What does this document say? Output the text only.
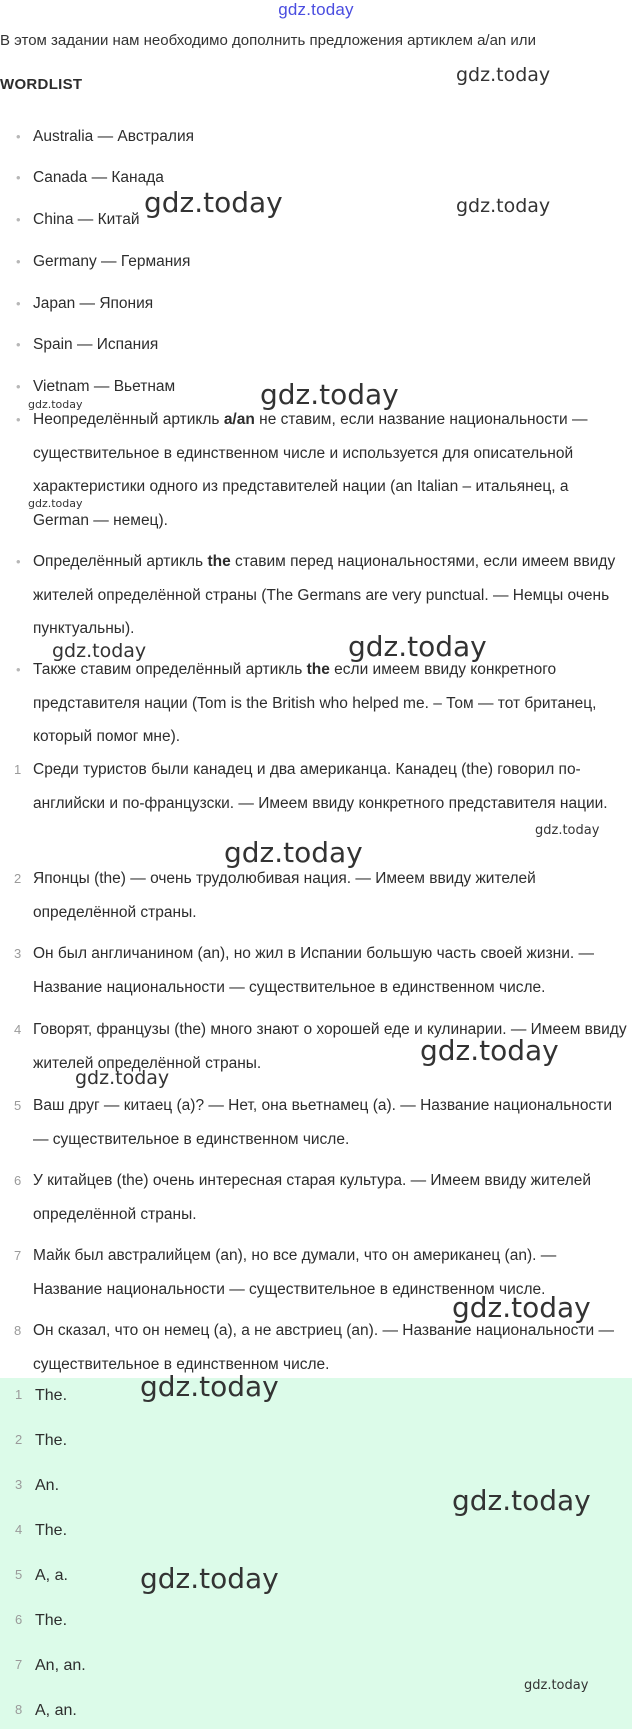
gdz.today
В этом задании нам необходимо дополнить предложения артиклем a/an или
WORDLIST
• Australia — Австралия
• Canada — Канада
• China — Китай
• Germany — Германия
• Japan — Япония
• Spain — Испания
• Vietnam — Вьетнам
• Неопределённый артикль a/an не ставим, если название национальности — существительное в единственном числе и используется для описательной характеристики одного из представителей нации (an Italian – итальянец, a German — немец).
• Определённый артикль the ставим перед национальностями, если имеем ввиду жителей определённой страны (The Germans are very punctual. — Немцы очень пунктуальны).
• Также ставим определённый артикль the если имеем ввиду конкретного представителя нации (Tom is the British who helped me. – Том — тот британец, который помог мне).
1 Среди туристов были канадец и два американца. Канадец (the) говорил по-английски и по-французски. — Имеем ввиду конкретного представителя нации.
2 Японцы (the) — очень трудолюбивая нация. — Имеем ввиду жителей определённой страны.
3 Он был англичанином (an), но жил в Испании большую часть своей жизни. — Название национальности — существительное в единственном числе.
4 Говорят, французы (the) много знают о хорошей еде и кулинарии. — Имеем ввиду жителей определённой страны.
5 Ваш друг — китаец (a)? — Нет, она вьетнамец (a). — Название национальности — существительное в единственном числе.
6 У китайцев (the) очень интересная старая культура. — Имеем ввиду жителей определённой страны.
7 Майк был австралийцем (an), но все думали, что он американец (an). — Название национальности — существительное в единственном числе.
8 Он сказал, что он немец (a), а не австриец (an). — Название национальности — существительное в единственном числе.
1 The.
2 The.
3 An.
4 The.
5 A, a.
6 The.
7 An, an.
8 A, an.
gdz.today
gdz.today	gdz.today
gdz.today
gdz.today
gdz.today
gdz.today	gdz.today
gdz.today
gdz.today
gdz.today
gdz.today
gdz.today
gdz.today
gdz.today
gdz.today
gdz.today
